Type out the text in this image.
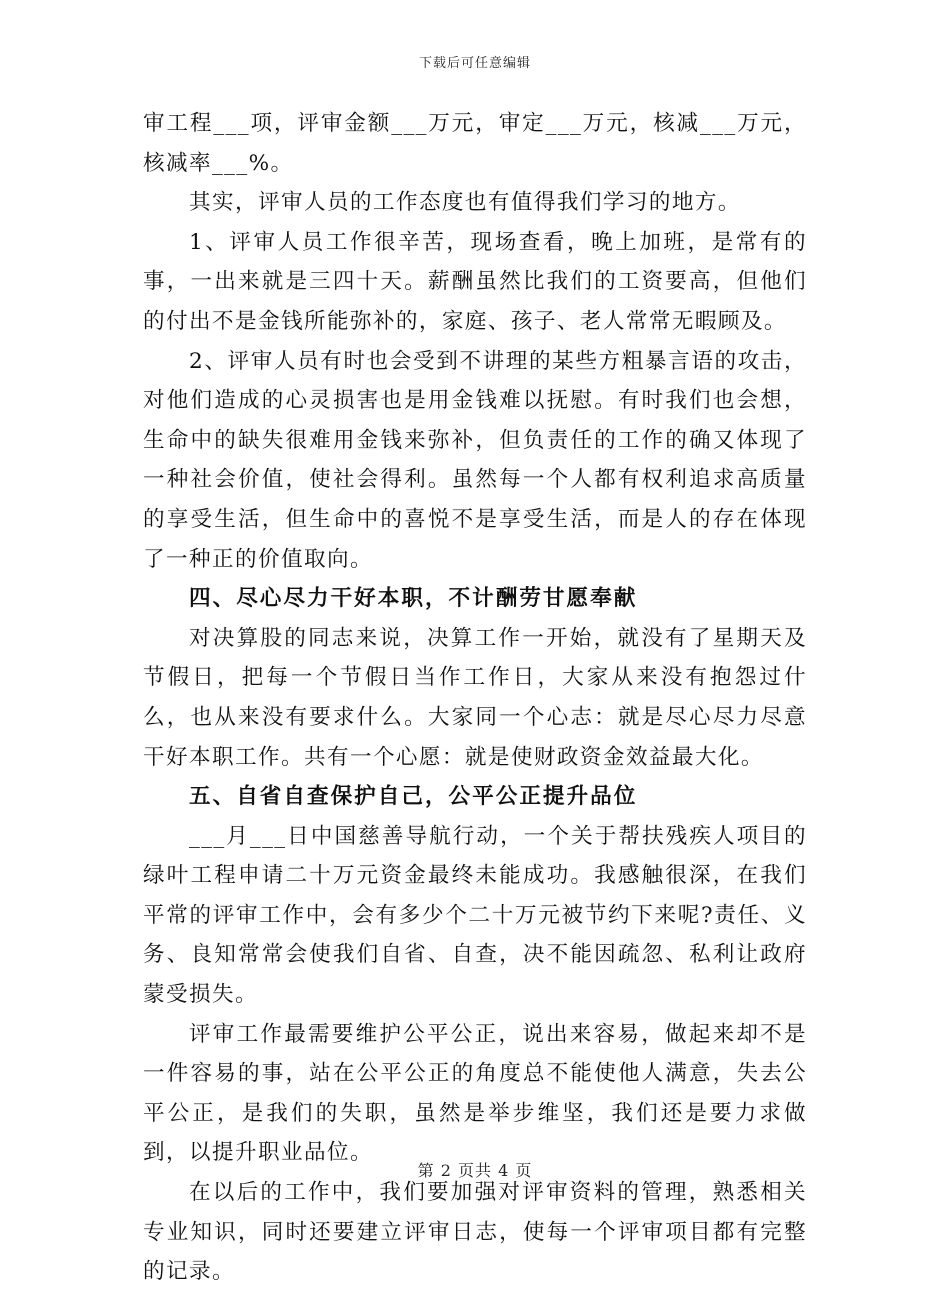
下载后可任意编辑

审工程___项，评审金额___万元，审定___万元，核减___万元，核减率___%。

其实，评审人员的工作态度也有值得我们学习的地方。

1、评审人员工作很辛苦，现场查看，晚上加班，是常有的事，一出来就是三四十天。薪酬虽然比我们的工资要高，但他们的付出不是金钱所能弥补的，家庭、孩子、老人常常无暇顾及。

2、评审人员有时也会受到不讲理的某些方粗暴言语的攻击，对他们造成的心灵损害也是用金钱难以抚慰。有时我们也会想，生命中的缺失很难用金钱来弥补，但负责任的工作的确又体现了一种社会价值，使社会得利。虽然每一个人都有权利追求高质量的享受生活，但生命中的喜悦不是享受生活，而是人的存在体现了一种正的价值取向。

四、尽心尽力干好本职，不计酬劳甘愿奉献

对决算股的同志来说，决算工作一开始，就没有了星期天及节假日，把每一个节假日当作工作日，大家从来没有抱怨过什么，也从来没有要求什么。大家同一个心志：就是尽心尽力尽意干好本职工作。共有一个心愿：就是使财政资金效益最大化。

五、自省自查保护自己，公平公正提升品位

___月___日中国慈善导航行动，一个关于帮扶残疾人项目的绿叶工程申请二十万元资金最终未能成功。我感触很深，在我们平常的评审工作中，会有多少个二十万元被节约下来呢?责任、义务、良知常常会使我们自省、自查，决不能因疏忽、私利让政府蒙受损失。

评审工作最需要维护公平公正，说出来容易，做起来却不是一件容易的事，站在公平公正的角度总不能使他人满意，失去公平公正，是我们的失职，虽然是举步维坚，我们还是要力求做到，以提升职业品位。

在以后的工作中，我们要加强对评审资料的管理，熟悉相关专业知识，同时还要建立评审日志，使每一个评审项目都有完整的记录。

第 2 页共 4 页
